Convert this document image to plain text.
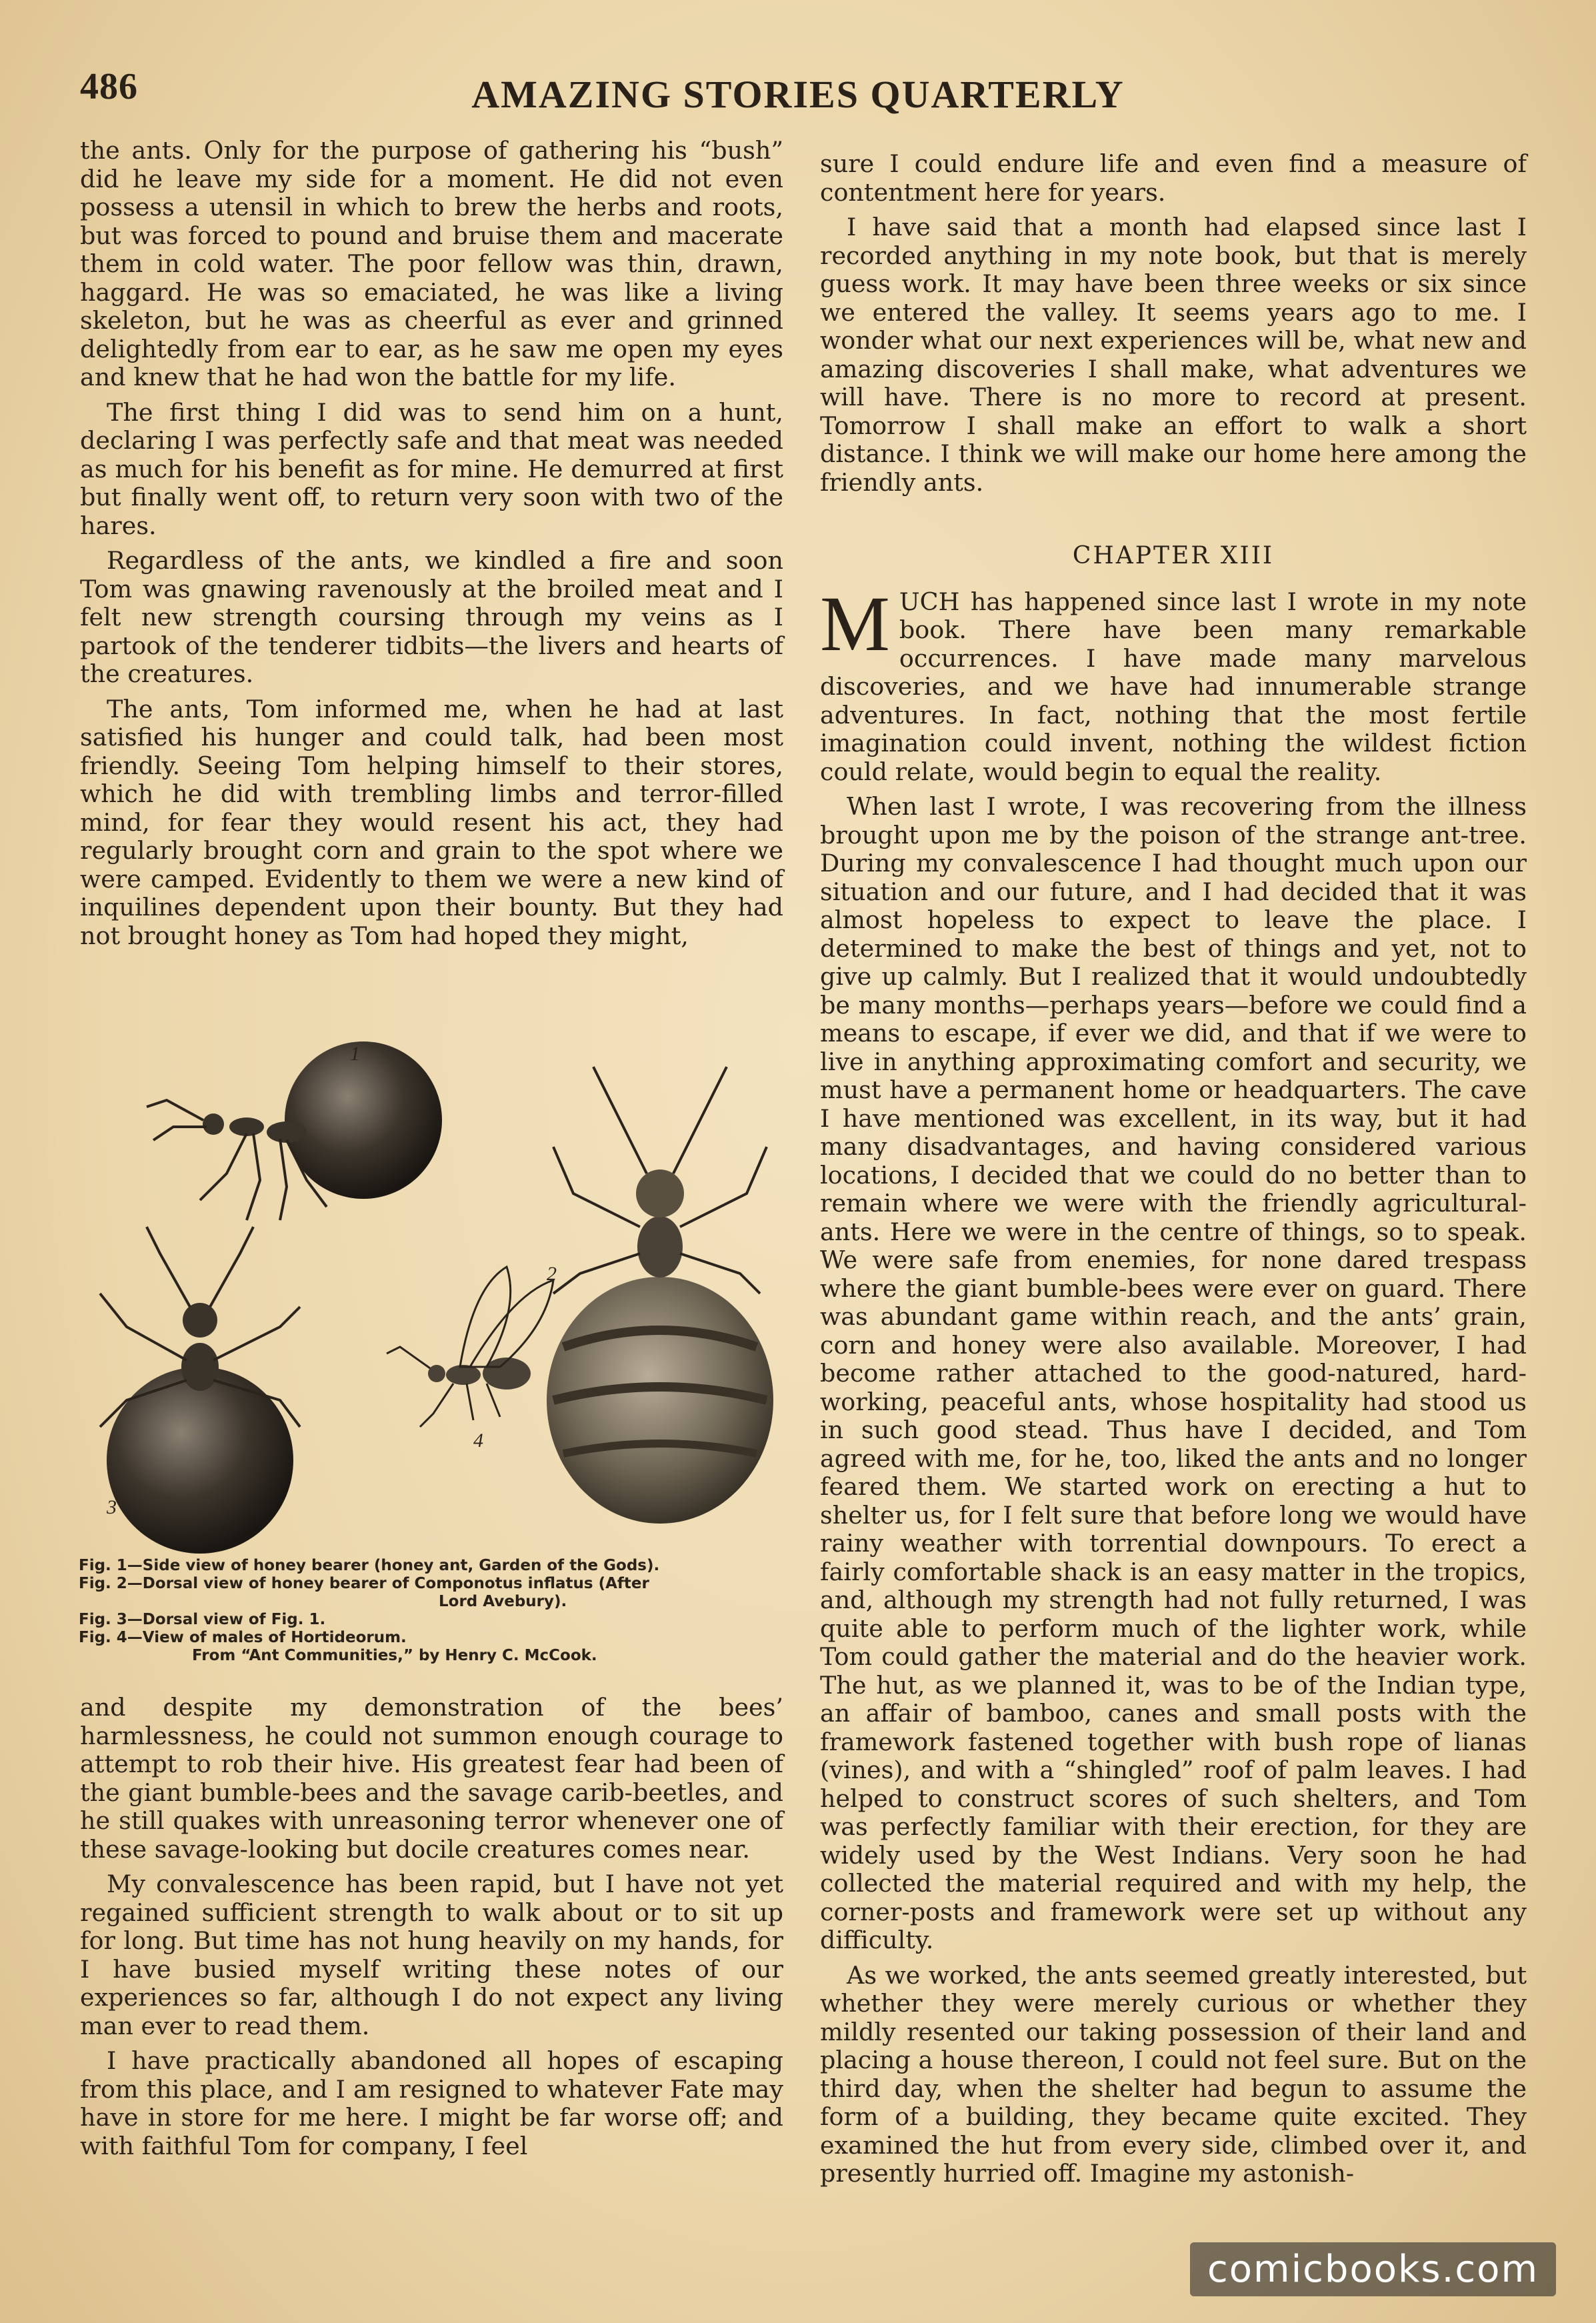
486	AMAZING STORIES QUARTERLY

the ants. Only for the purpose of gathering his “bush” did he leave my side for a moment. He did not even possess a utensil in which to brew the herbs and roots, but was forced to pound and bruise them and macerate them in cold water. The poor fellow was thin, drawn, haggard. He was so emaciated, he was like a living skeleton, but he was as cheerful as ever and grinned delightedly from ear to ear, as he saw me open my eyes and knew that he had won the battle for my life.

The first thing I did was to send him on a hunt, declaring I was perfectly safe and that meat was needed as much for his benefit as for mine. He demurred at first but finally went off, to return very soon with two of the hares.

Regardless of the ants, we kindled a fire and soon Tom was gnawing ravenously at the broiled meat and I felt new strength coursing through my veins as I partook of the tenderer tidbits—the livers and hearts of the creatures.

The ants, Tom informed me, when he had at last satisfied his hunger and could talk, had been most friendly. Seeing Tom helping himself to their stores, which he did with trembling limbs and terror-filled mind, for fear they would resent his act, they had regularly brought corn and grain to the spot where we were camped. Evidently to them we were a new kind of inquilines dependent upon their bounty. But they had not brought honey as Tom had hoped they might,

1
2
3
4
Fig. 1—Side view of honey bearer (honey ant, Garden of the Gods).
Fig. 2—Dorsal view of honey bearer of Componotus inflatus (After
Lord Avebury).
Fig. 3—Dorsal view of Fig. 1.
Fig. 4—View of males of Hortideorum.
From “Ant Communities,” by Henry C. McCook.

and despite my demonstration of the bees’ harmlessness, he could not summon enough courage to attempt to rob their hive. His greatest fear had been of the giant bumble-bees and the savage carib-beetles, and he still quakes with unreasoning terror whenever one of these savage-looking but docile creatures comes near.

My convalescence has been rapid, but I have not yet regained sufficient strength to walk about or to sit up for long. But time has not hung heavily on my hands, for I have busied myself writing these notes of our experiences so far, although I do not expect any living man ever to read them.

I have practically abandoned all hopes of escaping from this place, and I am resigned to whatever Fate may have in store for me here. I might be far worse off; and with faithful Tom for company, I feel

sure I could endure life and even find a measure of contentment here for years.

I have said that a month had elapsed since last I recorded anything in my note book, but that is merely guess work. It may have been three weeks or six since we entered the valley. It seems years ago to me. I wonder what our next experiences will be, what new and amazing discoveries I shall make, what adventures we will have. There is no more to record at present. Tomorrow I shall make an effort to walk a short distance. I think we will make our home here among the friendly ants.

CHAPTER XIII

MUCH has happened since last I wrote in my note book. There have been many remarkable occurrences. I have made many marvelous discoveries, and we have had innumerable strange adventures. In fact, nothing that the most fertile imagination could invent, nothing the wildest fiction could relate, would begin to equal the reality.

When last I wrote, I was recovering from the illness brought upon me by the poison of the strange ant-tree. During my convalescence I had thought much upon our situation and our future, and I had decided that it was almost hopeless to expect to leave the place. I determined to make the best of things and yet, not to give up calmly. But I realized that it would undoubtedly be many months—perhaps years—before we could find a means to escape, if ever we did, and that if we were to live in anything approximating comfort and security, we must have a permanent home or headquarters. The cave I have mentioned was excellent, in its way, but it had many disadvantages, and having considered various locations, I decided that we could do no better than to remain where we were with the friendly agricultural-ants. Here we were in the centre of things, so to speak. We were safe from enemies, for none dared trespass where the giant bumble-bees were ever on guard. There was abundant game within reach, and the ants’ grain, corn and honey were also available. Moreover, I had become rather attached to the good-natured, hard-working, peaceful ants, whose hospitality had stood us in such good stead. Thus have I decided, and Tom agreed with me, for he, too, liked the ants and no longer feared them. We started work on erecting a hut to shelter us, for I felt sure that before long we would have rainy weather with torrential downpours. To erect a fairly comfortable shack is an easy matter in the tropics, and, although my strength had not fully returned, I was quite able to perform much of the lighter work, while Tom could gather the material and do the heavier work. The hut, as we planned it, was to be of the Indian type, an affair of bamboo, canes and small posts with the framework fastened together with bush rope of lianas (vines), and with a “shingled” roof of palm leaves. I had helped to construct scores of such shelters, and Tom was perfectly familiar with their erection, for they are widely used by the West Indians. Very soon he had collected the material required and with my help, the corner-posts and framework were set up without any difficulty.

As we worked, the ants seemed greatly interested, but whether they were merely curious or whether they mildly resented our taking possession of their land and placing a house thereon, I could not feel sure. But on the third day, when the shelter had begun to assume the form of a building, they became quite excited. They examined the hut from every side, climbed over it, and presently hurried off. Imagine my astonish-

comicbooks.com
